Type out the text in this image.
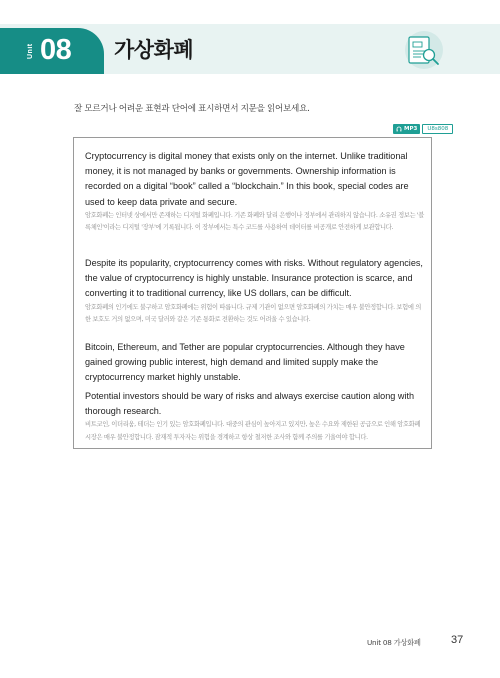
Unit 08 가상화폐
잘 모르거나 어려운 표현과 단어에 표시하면서 지문을 읽어보세요.
MP3	U8s808

Cryptocurrency is digital money that exists only on the internet. Unlike traditional money, it is not managed by banks or governments. Ownership information is recorded on a digital “book” called a “blockchain.” In this book, special codes are used to keep data private and secure.

암호화폐는 인터넷 상에서만 존재하는 디지털 화폐입니다. 기존 화폐와 달리 은행이나 정부에서 관리하지 않습니다. 소유권 정보는 '블록체인'이라는 디지털 '장부'에 기록됩니다. 이 장부에서는 특수 코드를 사용하여 데이터를 비공개로 안전하게 보관합니다.

Despite its popularity, cryptocurrency comes with risks. Without regulatory agencies, the value of cryptocurrency is highly unstable. Insurance protection is scarce, and converting it to traditional currency, like US dollars, can be difficult.

암호화폐의 인기에도 불구하고 암호화폐에는 위험이 따릅니다. 규제 기관이 없으면 암호화폐의 가치는 매우 불안정합니다. 보험에 의한 보호도 거의 없으며, 미국 달러와 같은 기존 통화로 전환하는 것도 어려울 수 있습니다.

Bitcoin, Ethereum, and Tether are popular cryptocurrencies. Although they have gained growing public interest, high demand and limited supply make the cryptocurrency market highly unstable.

Potential investors should be wary of risks and always exercise caution along with thorough research.

비트코인, 이더리움, 테더는 인기 있는 암호화폐입니다. 대중의 관심이 높아지고 있지만, 높은 수요와 제한된 공급으로 인해 암호화폐 시장은 매우 불안정합니다. 잠재적 투자자는 위험을 경계하고 항상 철저한 조사와 함께 주의를 기울여야 합니다.

Unit 08 가상화폐	37
